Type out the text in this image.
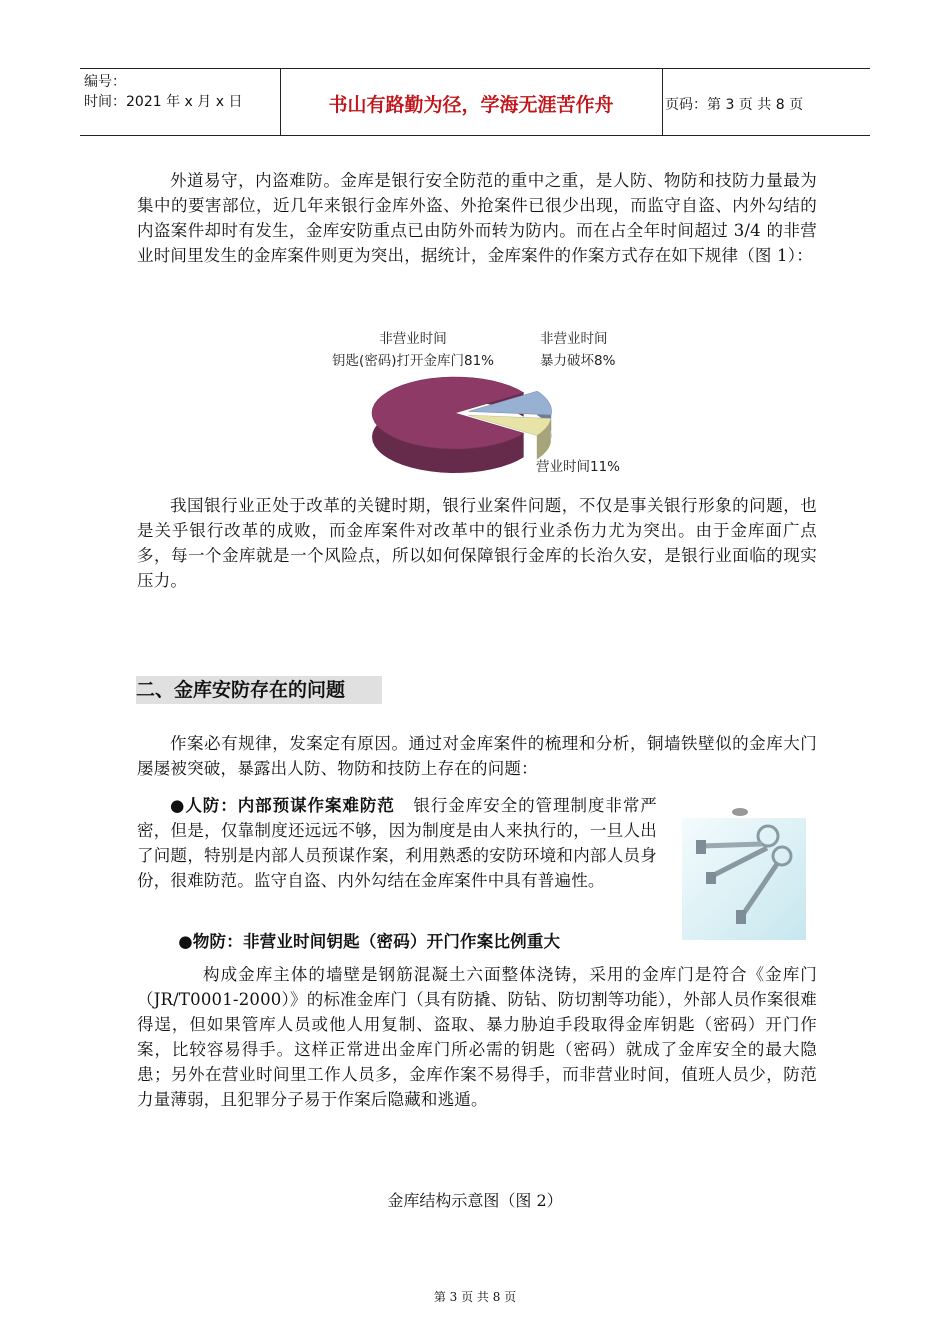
编号：
时间：2021 年 x 月 x 日	书山有路勤为径，学海无涯苦作舟	页码：第 3 页 共 8 页
外道易守，内盗难防。金库是银行安全防范的重中之重，是人防、物防和技防力量最为集中的要害部位，近几年来银行金库外盗、外抢案件已很少出现，而监守自盗、内外勾结的内盗案件却时有发生，金库安防重点已由防外而转为防内。而在占全年时间超过 3/4 的非营业时间里发生的金库案件则更为突出，据统计，金库案件的作案方式存在如下规律（图 1）：
非营业时间
钥匙(密码)打开金库门81%
非营业时间
暴力破坏8%
营业时间11%
我国银行业正处于改革的关键时期，银行业案件问题，不仅是事关银行形象的问题，也是关乎银行改革的成败，而金库案件对改革中的银行业杀伤力尤为突出。由于金库面广点多，每一个金库就是一个风险点，所以如何保障银行金库的长治久安，是银行业面临的现实压力。
二、金库安防存在的问题
作案必有规律，发案定有原因。通过对金库案件的梳理和分析，铜墙铁壁似的金库大门屡屡被突破，暴露出人防、物防和技防上存在的问题：
●人防：内部预谋作案难防范 银行金库安全的管理制度非常严密，但是，仅靠制度还远远不够，因为制度是由人来执行的，一旦人出了问题，特别是内部人员预谋作案，利用熟悉的安防环境和内部人员身份，很难防范。监守自盗、内外勾结在金库案件中具有普遍性。
●物防：非营业时间钥匙（密码）开门作案比例重大
构成金库主体的墙壁是钢筋混凝土六面整体浇铸，采用的金库门是符合《金库门（JR/T0001-2000）》的标准金库门（具有防撬、防钻、防切割等功能），外部人员作案很难得逞，但如果管库人员或他人用复制、盗取、暴力胁迫手段取得金库钥匙（密码）开门作案，比较容易得手。这样正常进出金库门所必需的钥匙（密码）就成了金库安全的最大隐患；另外在营业时间里工作人员多，金库作案不易得手，而非营业时间，值班人员少，防范力量薄弱，且犯罪分子易于作案后隐藏和逃遁。
金库结构示意图（图 2）
第 3 页 共 8 页
